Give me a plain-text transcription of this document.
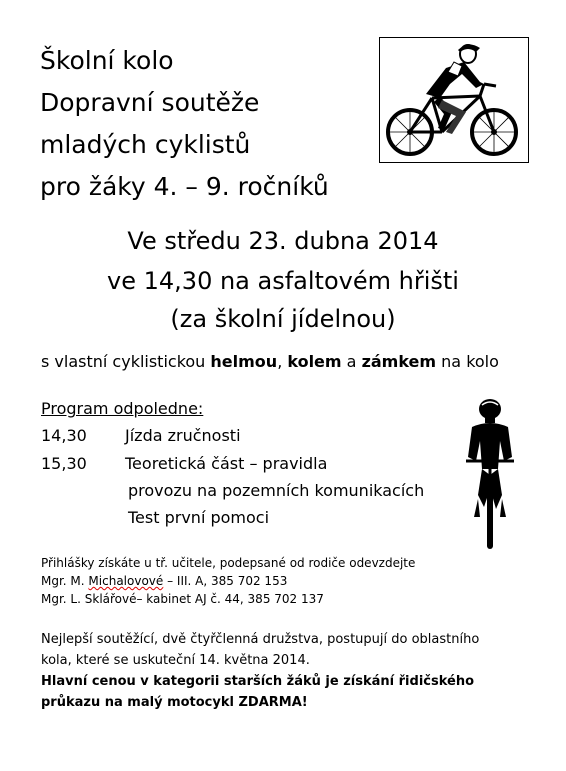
Školní kolo
Dopravní soutěže
mladých cyklistů
pro žáky 4. – 9. ročníků
Ve středu 23. dubna 2014
ve 14,30 na asfaltovém hřišti
(za školní jídelnou)
s vlastní cyklistickou helmou, kolem a zámkem na kolo
Program odpoledne:
14,30 Jízda zručnosti
15,30 Teoretická část – pravidla
provozu na pozemních komunikacích
Test první pomoci
Přihlášky získáte u tř. učitele, podepsané od rodiče odevzdejte
Mgr. M. Michalovové – III. A, 385 702 153
Mgr. L. Sklářové– kabinet AJ č. 44, 385 702 137
Nejlepší soutěžící, dvě čtyřčlenná družstva, postupují do oblastního
kola, které se uskuteční 14. května 2014.
Hlavní cenou v kategorii starších žáků je získání řidičského
průkazu na malý motocykl ZDARMA!
